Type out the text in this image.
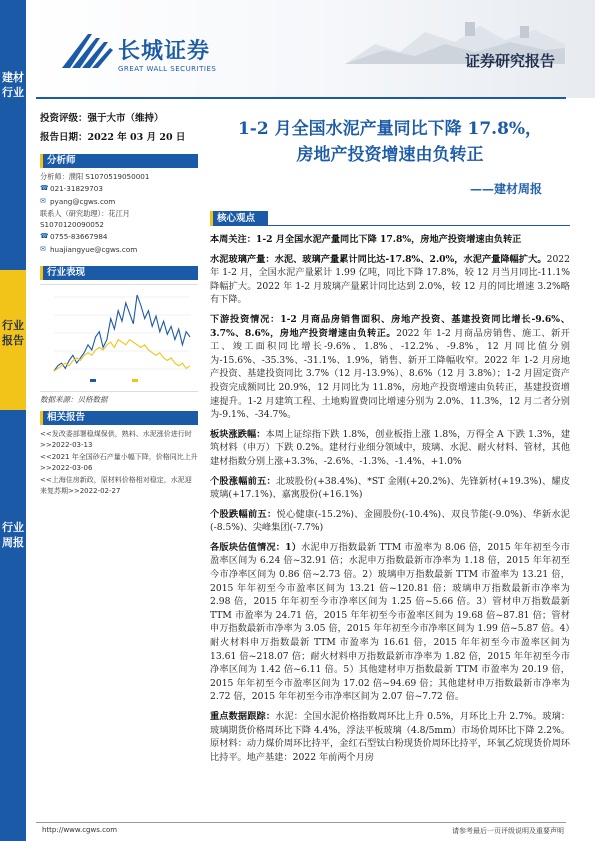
建材行业
行业报告
行业周报
长城证券
GREAT WALL SECURITIES	证券研究报告
投资评级：强于大市（维持）
报告日期：2022 年 03 月 20 日
分析师
分析师：濮阳 S1070519050001
☎ 021-31829703
✉ pyang@cgws.com
联系人（研究助理）：花江月
S1070120090052
☎ 0755-83667984
✉ huajiangyue@cgws.com
行业表现
数据来源：贝格数据
相关报告
<<发改委部署稳煤保供，熟料、水泥涨价进行时>>2022-03-13
<<2021 年全国砂石产量小幅下降，价格同比上升>>2022-03-06
<<上海住房新政，原材料价格相对稳定，水泥迎来复苏期>>2022-02-27
1-2 月全国水泥产量同比下降 17.8%，
房地产投资增速由负转正
——建材周报
核心观点
本周关注：1-2 月全国水泥产量同比下降 17.8%，房地产投资增速由负转正
水泥玻璃产量：水泥、玻璃产量累计同比达-17.8%、2.0%，水泥产量降幅扩大。2022 年 1-2 月，全国水泥产量累计 1.99 亿吨，同比下降 17.8%，较 12 月当月同比-11.1%降幅扩大。2022 年 1-2 月玻璃产量累计同比达到 2.0%，较 12 月的同比增速 3.2%略有下降。
下游投资情况：1-2 月商品房销售面积、房地产投资、基建投资同比增长-9.6%、3.7%、8.6%，房地产投资增速由负转正。2022 年 1-2 月商品房销售、施工、新开工、竣工面积同比增长-9.6%、1.8%、-12.2%、-9.8%，12 月同比值分别为-15.6%、-35.3%、-31.1%、1.9%，销售、新开工降幅收窄。2022 年 1-2 月房地产投资、基建投资同比 3.7%（12 月-13.9%）、8.6%（12 月 3.8%）；1-2 月固定资产投资完成额同比 20.9%，12 月同比为 11.8%，房地产投资增速由负转正，基建投资增速提升。1-2 月建筑工程、土地购置费同比增速分别为 2.0%、11.3%，12 月二者分别为-9.1%、-34.7%。
板块涨跌幅：本周上证综指下跌 1.8%，创业板指上涨 1.8%，万得全 A 下跌 1.3%，建筑材料（申万）下跌 0.2%。建材行业细分领域中，玻璃、水泥、耐火材料、管材，其他建材指数分别上涨+3.3%、-2.6%、-1.3%、-1.4%、+1.0%
个股涨幅前五：北玻股份(+38.4%)、*ST 金刚(+20.2%)、先锋新材(+19.3%)、耀皮玻璃(+17.1%)、嘉寓股份(+16.1%)
个股跌幅前五：悦心健康(-15.2%)、金圆股份(-10.4%)、双良节能(-9.0%)、华新水泥(-8.5%)、尖峰集团(-7.7%)
各版块估值情况：1）水泥申万指数最新 TTM 市盈率为 8.06 倍，2015 年年初至今市盈率区间为 6.24 倍~32.91 倍；水泥申万指数最新市净率为 1.18 倍，2015 年年初至今市净率区间为 0.86 倍~2.73 倍。2）玻璃申万指数最新 TTM 市盈率为 13.21 倍，2015 年年初至今市盈率区间为 13.21 倍~120.81 倍；玻璃申万指数最新市净率为 2.98 倍，2015 年年初至今市净率区间为 1.25 倍~5.66 倍。3）管材申万指数最新 TTM 市盈率为 24.71 倍，2015 年年初至今市盈率区间为 19.68 倍~87.81 倍；管材申万指数最新市净率为 3.05 倍，2015 年年初至今市净率区间为 1.99 倍~5.87 倍。4）耐火材料申万指数最新 TTM 市盈率为 16.61 倍，2015 年年初至今市盈率区间为 13.61 倍~218.07 倍；耐火材料申万指数最新市净率为 1.82 倍，2015 年年初至今市净率区间为 1.42 倍~6.11 倍。5）其他建材申万指数最新 TTM 市盈率为 20.19 倍，2015 年年初至今市盈率区间为 17.02 倍~94.69 倍；其他建材申万指数最新市净率为 2.72 倍，2015 年年初至今市净率区间为 2.07 倍~7.72 倍。
重点数据跟踪：水泥：全国水泥价格指数周环比上升 0.5%，月环比上升 2.7%。玻璃：玻璃期货价格周环比下降 4.4%，浮法平板玻璃（4.8/5mm）市场价周环比下降 2.2%。原材料：动力煤价周环比持平，金红石型钛白粉现货价周环比持平，环氧乙烷现货价周环比持平。地产基建：2022 年前两个月房
http://www.cgws.com	请参考最后一页评级说明及重要声明
